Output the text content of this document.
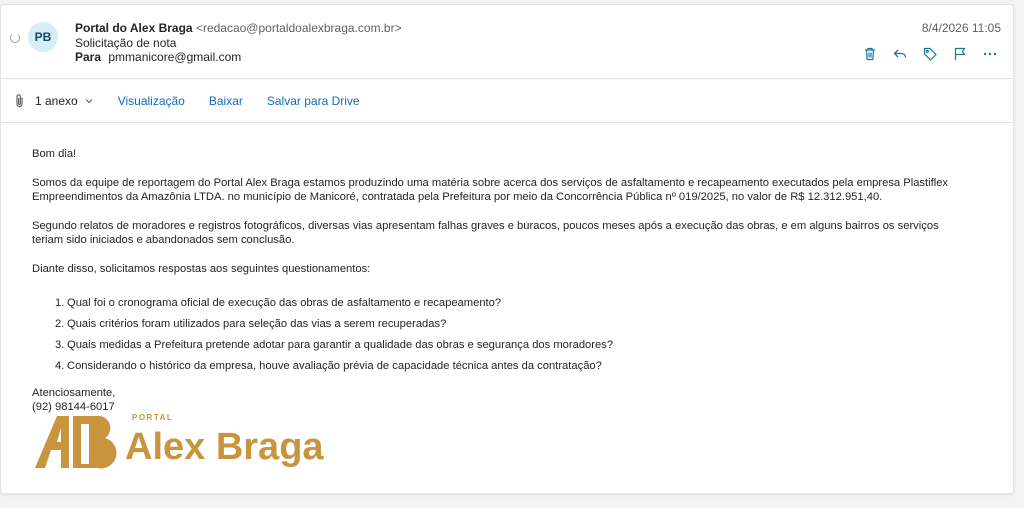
PB
Portal do Alex Braga <redacao@portaldoalexbraga.com.br>
Solicitação de nota
Para pmmanicore@gmail.com
8/4/2026 11:05
1 anexo	Visualização Baixar Salvar para Drive

Bom dia!

Somos da equipe de reportagem do Portal Alex Braga estamos produzindo uma matéria sobre acerca dos serviços de asfaltamento e recapeamento executados pela empresa Plastiflex Empreendimentos da Amazônia LTDA. no município de Manicoré, contratada pela Prefeitura por meio da Concorrência Pública nº 019/2025, no valor de R$ 12.312.951,40.

Segundo relatos de moradores e registros fotográficos, diversas vias apresentam falhas graves e buracos, poucos meses após a execução das obras, e em alguns bairros os serviços teriam sido iniciados e abandonados sem conclusão.

Diante disso, solicitamos respostas aos seguintes questionamentos:

1. Qual foi o cronograma oficial de execução das obras de asfaltamento e recapeamento?
2. Quais critérios foram utilizados para seleção das vias a serem recuperadas?
3. Quais medidas a Prefeitura pretende adotar para garantir a qualidade das obras e segurança dos moradores?
4. Considerando o histórico da empresa, houve avaliação prévia de capacidade técnica antes da contratação?
Atenciosamente,
(92) 98144-6017
PORTAL
Alex Braga
